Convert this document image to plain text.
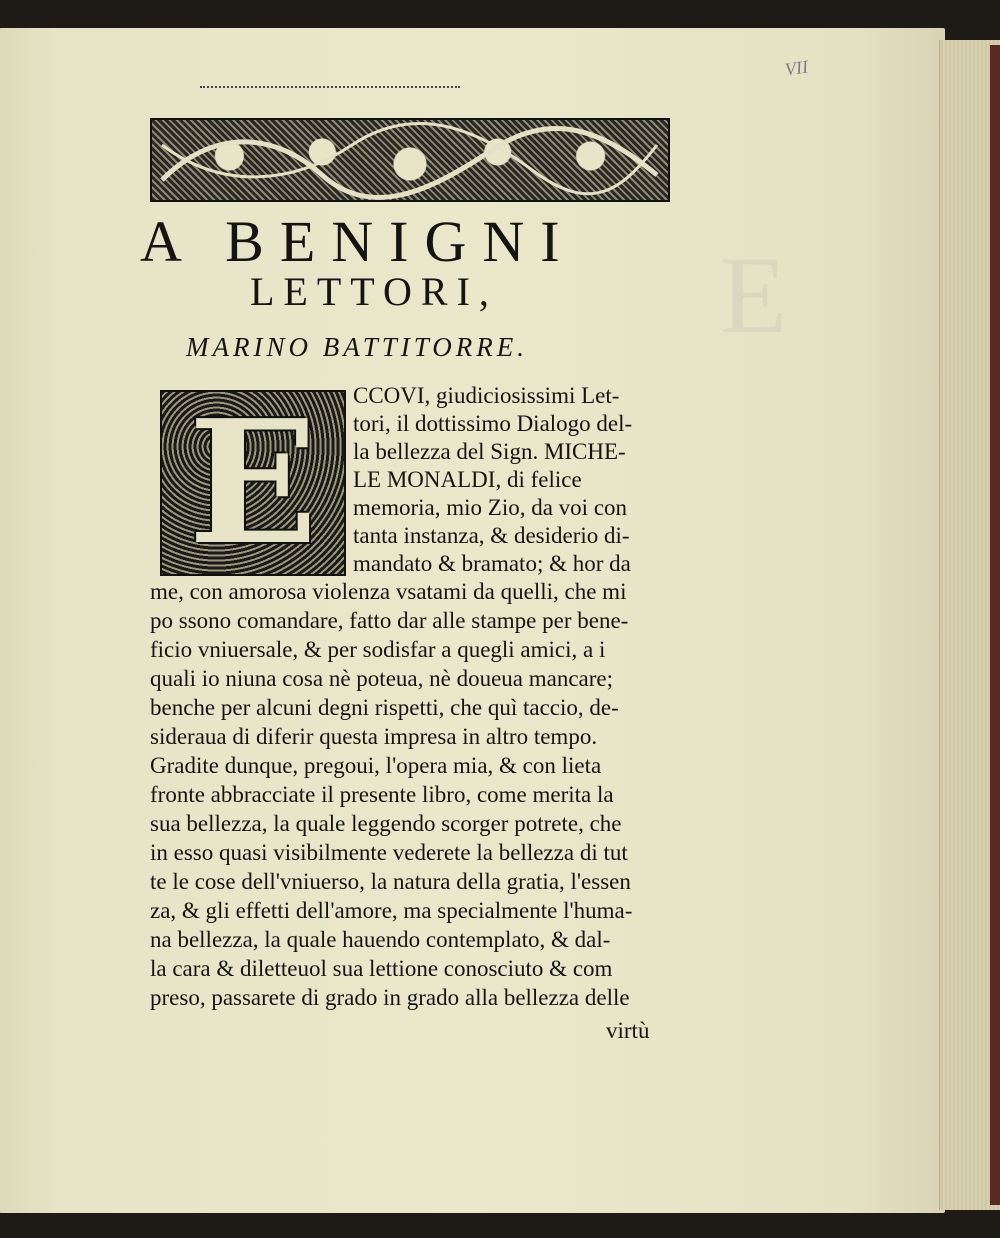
VII
A BENIGNI
LETTORI,
MARINO BATTITORRE.
E	CCOVI, giudiciosissimi Let-
tori, il dottissimo Dialogo del-
la bellezza del Sign. MICHE-
LE MONALDI, di felice
memoria, mio Zio, da voi con
tanta instanza, & desiderio di-
mandato & bramato; & hor da
me, con amorosa violenza vsatami da quelli, che mi
po ssono comandare, fatto dar alle stampe per bene-
ficio vniuersale, & per sodisfar a quegli amici, a i
quali io niuna cosa nè poteua, nè doueua mancare;
benche per alcuni degni rispetti, che quì taccio, de-
sideraua di diferir questa impresa in altro tempo.
Gradite dunque, pregoui, l'opera mia, & con lieta
fronte abbracciate il presente libro, come merita la
sua bellezza, la quale leggendo scorger potrete, che
in esso quasi visibilmente vederete la bellezza di tut
te le cose dell'vniuerso, la natura della gratia, l'essen
za, & gli effetti dell'amore, ma specialmente l'huma-
na bellezza, la quale hauendo contemplato, & dal-
la cara & diletteuol sua lettione conosciuto & com
preso, passarete di grado in grado alla bellezza delle
virtù
